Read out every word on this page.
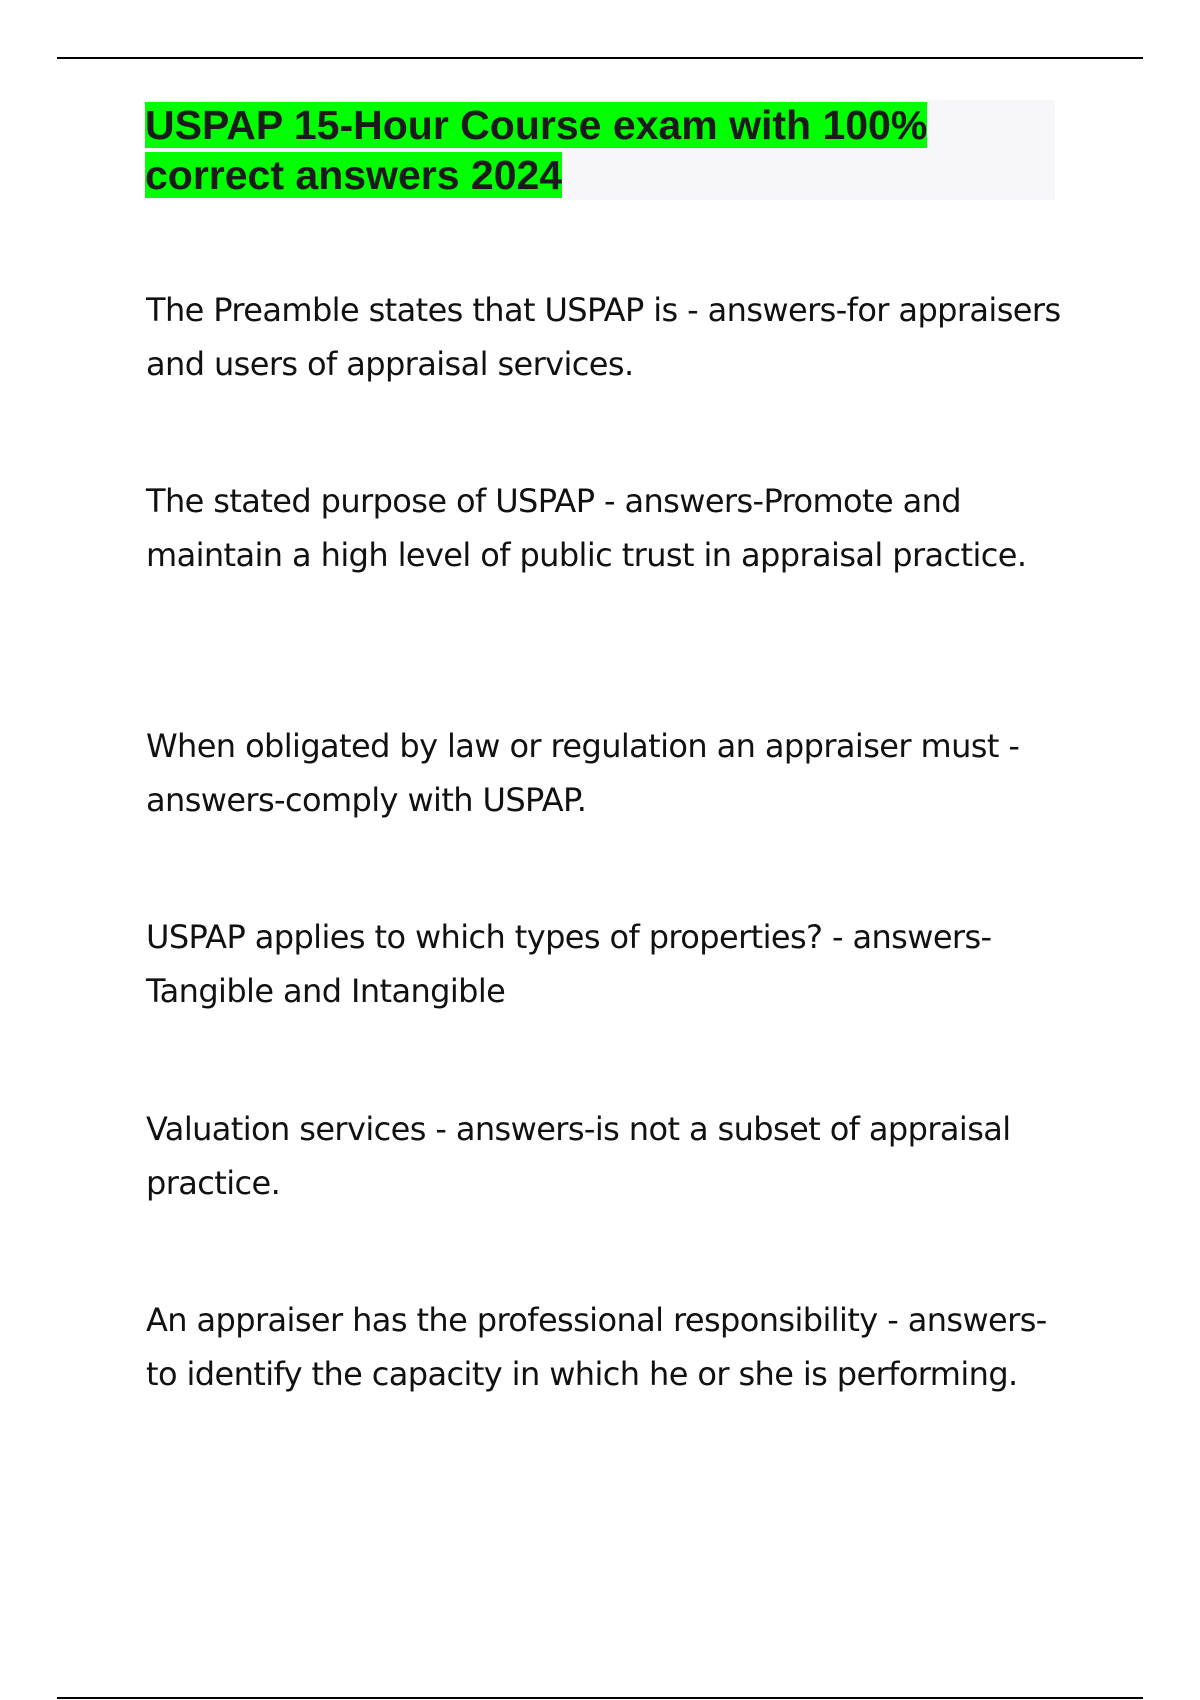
USPAP 15-Hour Course exam with 100% correct answers 2024

The Preamble states that USPAP is - answers-for appraisers and users of appraisal services.

The stated purpose of USPAP - answers-Promote and maintain a high level of public trust in appraisal practice.

When obligated by law or regulation an appraiser must - answers-comply with USPAP.

USPAP applies to which types of properties? - answers-Tangible and Intangible

Valuation services - answers-is not a subset of appraisal practice.

An appraiser has the professional responsibility - answers-to identify the capacity in which he or she is performing.
